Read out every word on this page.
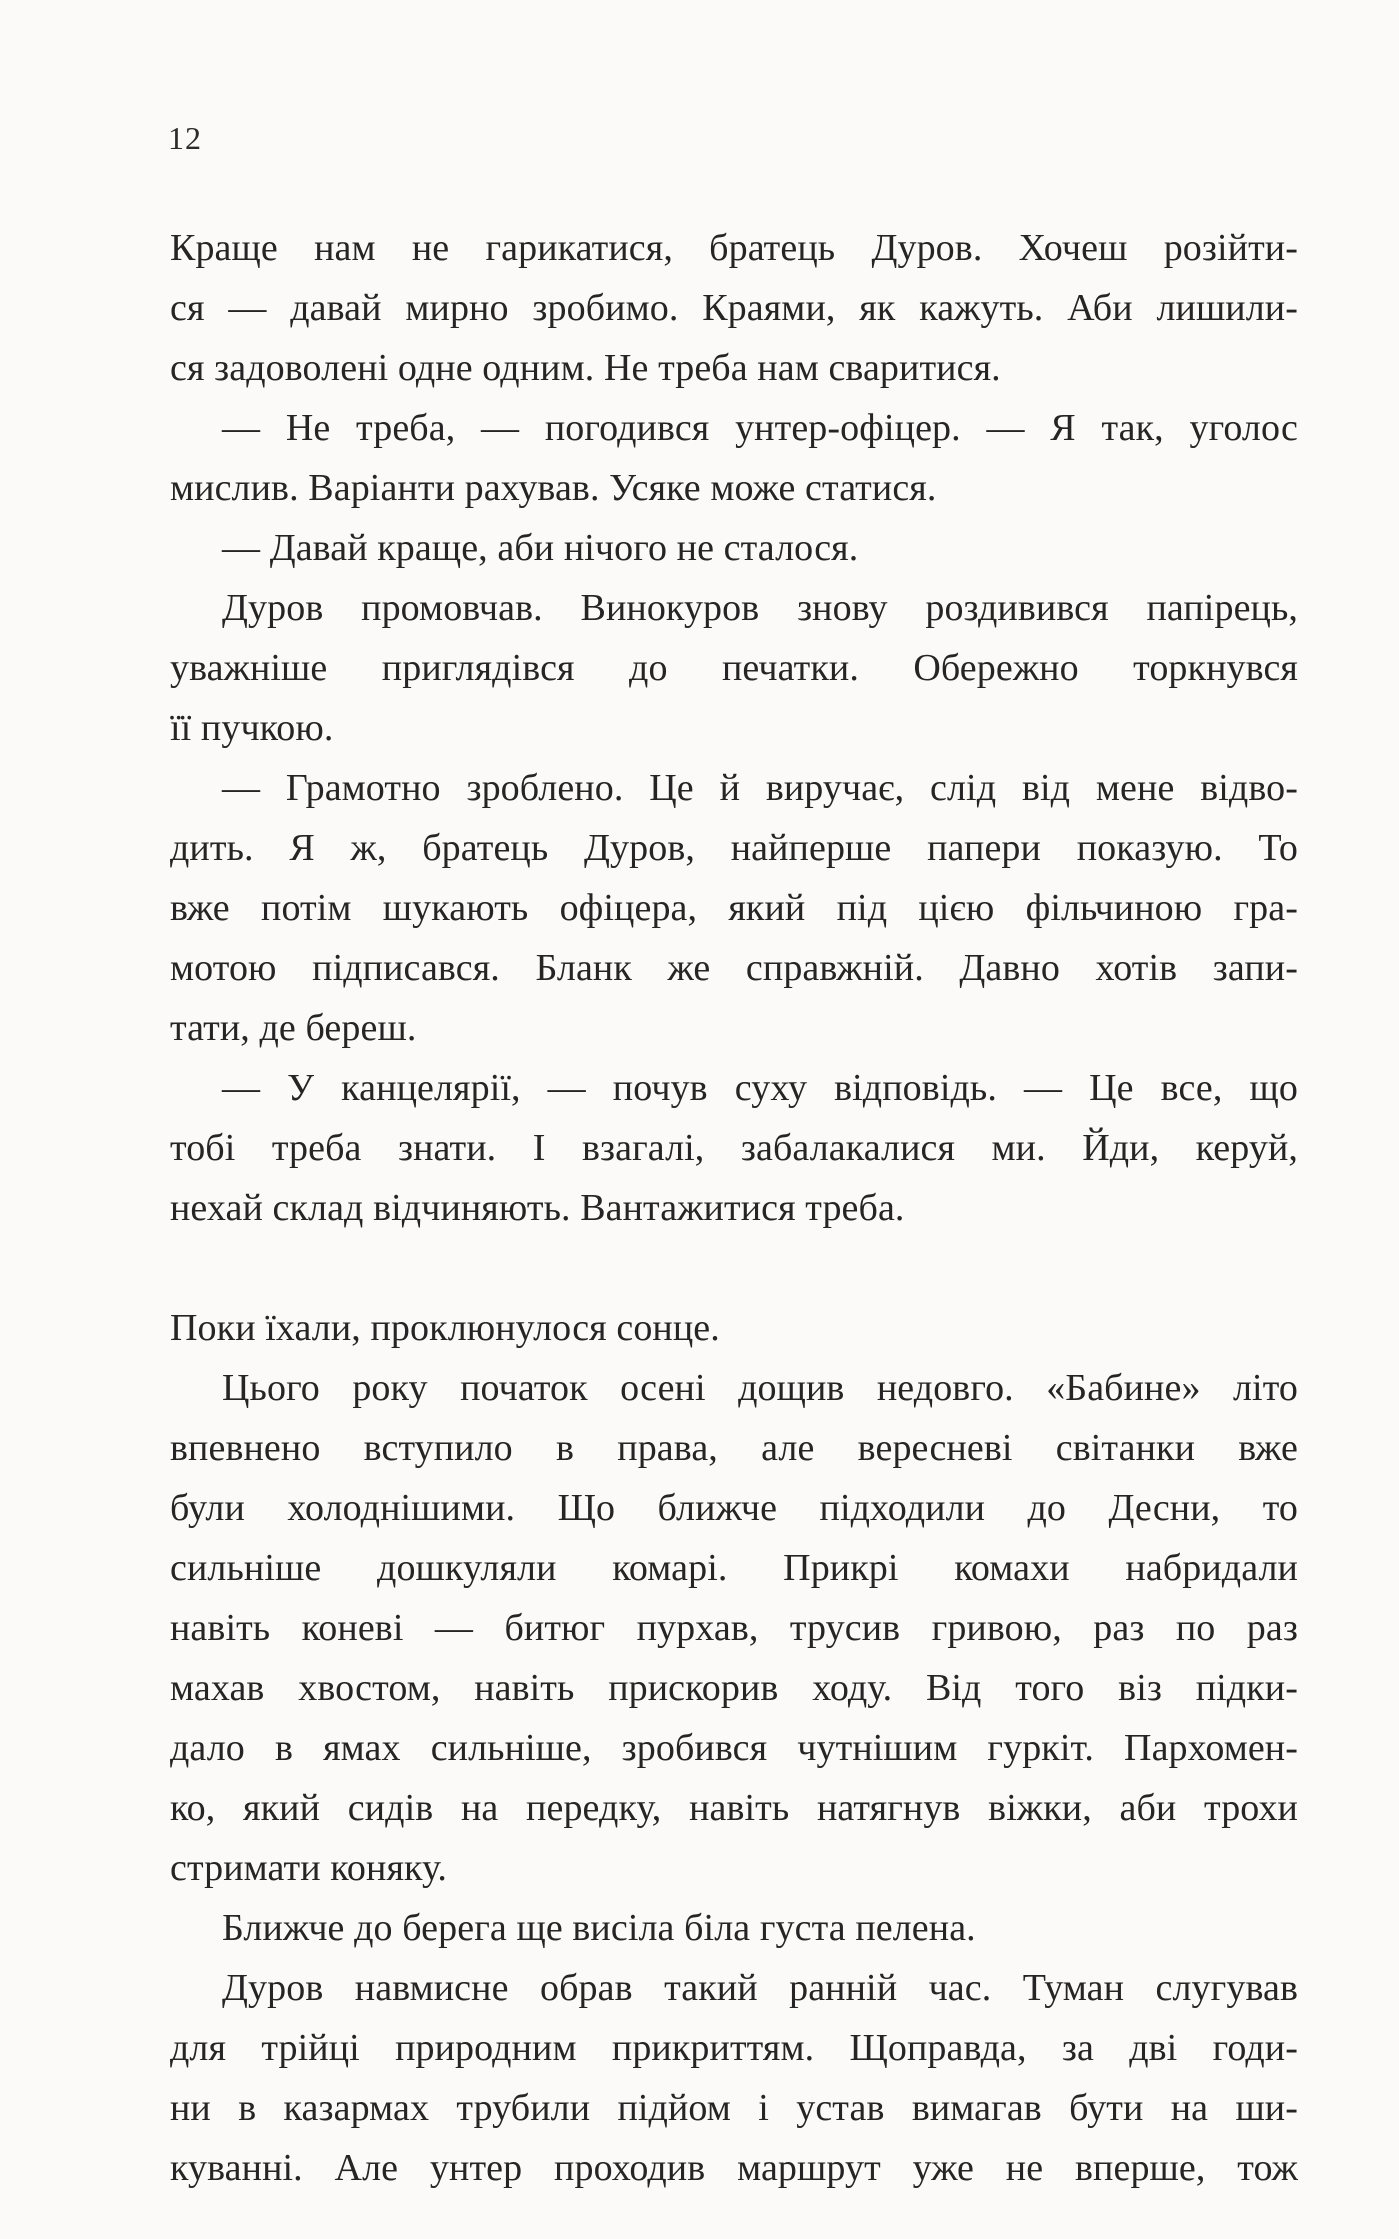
12
Краще нам не гарикатися, братець Дуров. Хочеш розійти-
ся — давай мирно зробимо. Краями, як кажуть. Аби лишили-
ся задоволені одне одним. Не треба нам сваритися.
— Не треба, — погодився унтер-офіцер. — Я так, уголос
мислив. Варіанти рахував. Усяке може статися.
— Давай краще, аби нічого не сталося.
Дуров промовчав. Винокуров знову роздивився папірець,
уважніше приглядівся до печатки. Обережно торкнувся
її пучкою.
— Грамотно зроблено. Це й виручає, слід від мене відво-
дить. Я ж, братець Дуров, найперше папери показую. То
вже потім шукають офіцера, який під цією фільчиною гра-
мотою підписався. Бланк же справжній. Давно хотів запи-
тати, де береш.
— У канцелярії, — почув суху відповідь. — Це все, що
тобі треба знати. І взагалі, забалакалися ми. Йди, керуй,
нехай склад відчиняють. Вантажитися треба.
Поки їхали, проклюнулося сонце.
Цього року початок осені дощив недовго. «Бабине» літо
впевнено вступило в права, але вересневі світанки вже
були холоднішими. Що ближче підходили до Десни, то
сильніше дошкуляли комарі. Прикрі комахи набридали
навіть коневі — битюг пурхав, трусив гривою, раз по раз
махав хвостом, навіть прискорив ходу. Від того віз підки-
дало в ямах сильніше, зробився чутнішим гуркіт. Пархомен-
ко, який сидів на передку, навіть натягнув віжки, аби трохи
стримати коняку.
Ближче до берега ще висіла біла густа пелена.
Дуров навмисне обрав такий ранній час. Туман слугував
для трійці природним прикриттям. Щоправда, за дві годи-
ни в казармах трубили підйом і устав вимагав бути на ши-
куванні. Але унтер проходив маршрут уже не вперше, тож
